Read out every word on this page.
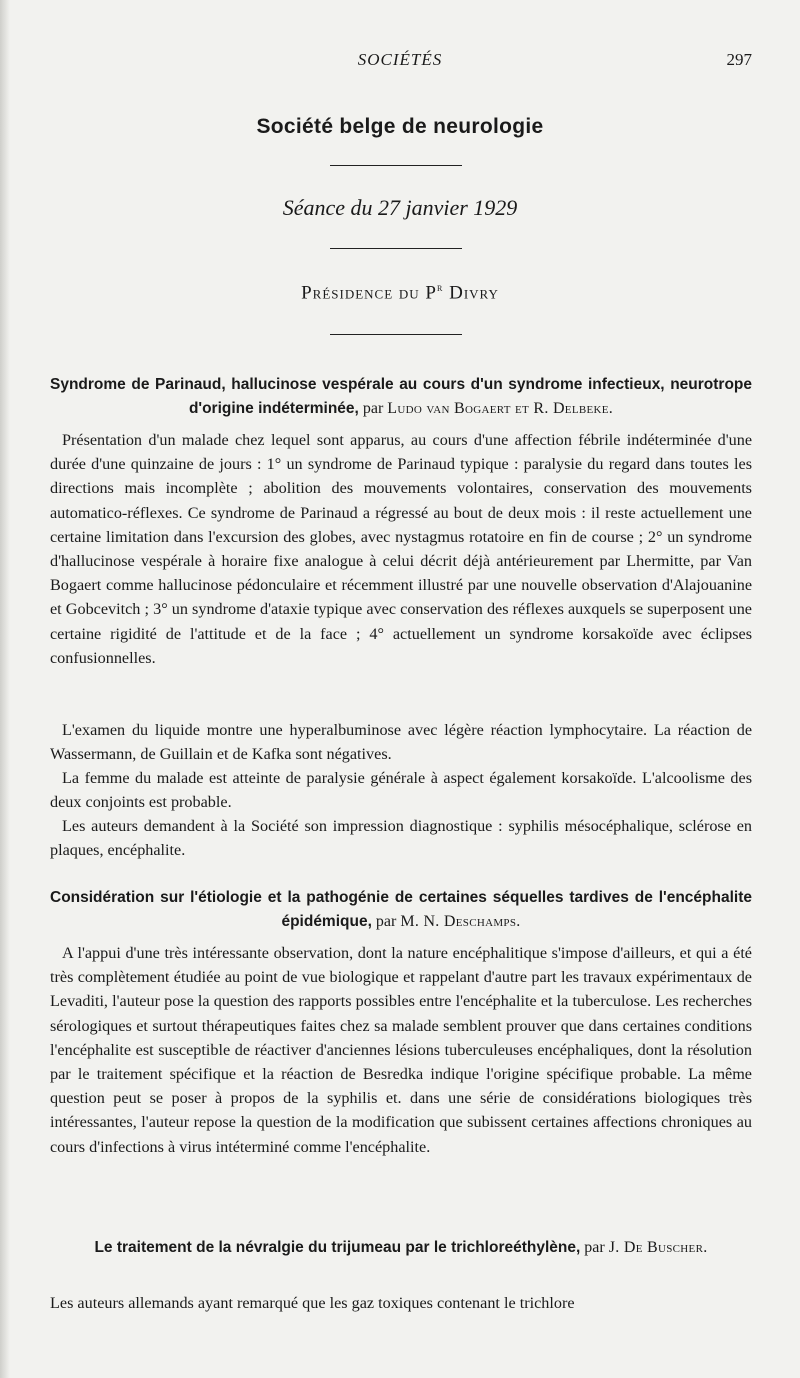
SOCIÉTÉS	297
Société belge de neurologie
Séance du 27 janvier 1929
Présidence du $P^r$ Divry
Syndrome de Parinaud, hallucinose vespérale au cours d'un syndrome infectieux, neurotrope d'origine indéterminée, par Ludo van Bogaert et R. Delbeke.
Présentation d'un malade chez lequel sont apparus, au cours d'une affection fébrile indéterminée d'une durée d'une quinzaine de jours : 1° un syndrome de Parinaud typique : paralysie du regard dans toutes les directions mais incomplète ; abolition des mouvements volontaires, conservation des mouvements automatico-réflexes. Ce syndrome de Parinaud a régressé au bout de deux mois : il reste actuellement une certaine limitation dans l'excursion des globes, avec nystagmus rotatoire en fin de course ; 2° un syndrome d'hallucinose vespérale à horaire fixe analogue à celui décrit déjà antérieurement par Lhermitte, par Van Bogaert comme hallucinose pédonculaire et récemment illustré par une nouvelle observation d'Alajouanine et Gobcevitch ; 3° un syndrome d'ataxie typique avec conservation des réflexes auxquels se superposent une certaine rigidité de l'attitude et de la face ; 4° actuellement un syndrome korsakoïde avec éclipses confusionnelles.
L'examen du liquide montre une hyperalbuminose avec légère réaction lymphocytaire. La réaction de Wassermann, de Guillain et de Kafka sont négatives.
La femme du malade est atteinte de paralysie générale à aspect également korsakoïde. L'alcoolisme des deux conjoints est probable.
Les auteurs demandent à la Société son impression diagnostique : syphilis mésocéphalique, sclérose en plaques, encéphalite.
Considération sur l'étiologie et la pathogénie de certaines séquelles tardives de l'encéphalite épidémique, par M. N. Deschamps.
A l'appui d'une très intéressante observation, dont la nature encéphalitique s'impose d'ailleurs, et qui a été très complètement étudiée au point de vue biologique et rappelant d'autre part les travaux expérimentaux de Levaditi, l'auteur pose la question des rapports possibles entre l'encéphalite et la tuberculose. Les recherches sérologiques et surtout thérapeutiques faites chez sa malade semblent prouver que dans certaines conditions l'encéphalite est susceptible de réactiver d'anciennes lésions tuberculeuses encéphaliques, dont la résolution par le traitement spécifique et la réaction de Besredka indique l'origine spécifique probable. La même question peut se poser à propos de la syphilis et. dans une série de considérations biologiques très intéressantes, l'auteur repose la question de la modification que subissent certaines affections chroniques au cours d'infections à virus intéterminé comme l'encéphalite.
Le traitement de la névralgie du trijumeau par le trichloreéthylène, par J. De Buscher.
Les auteurs allemands ayant remarqué que les gaz toxiques contenant le trichlore
